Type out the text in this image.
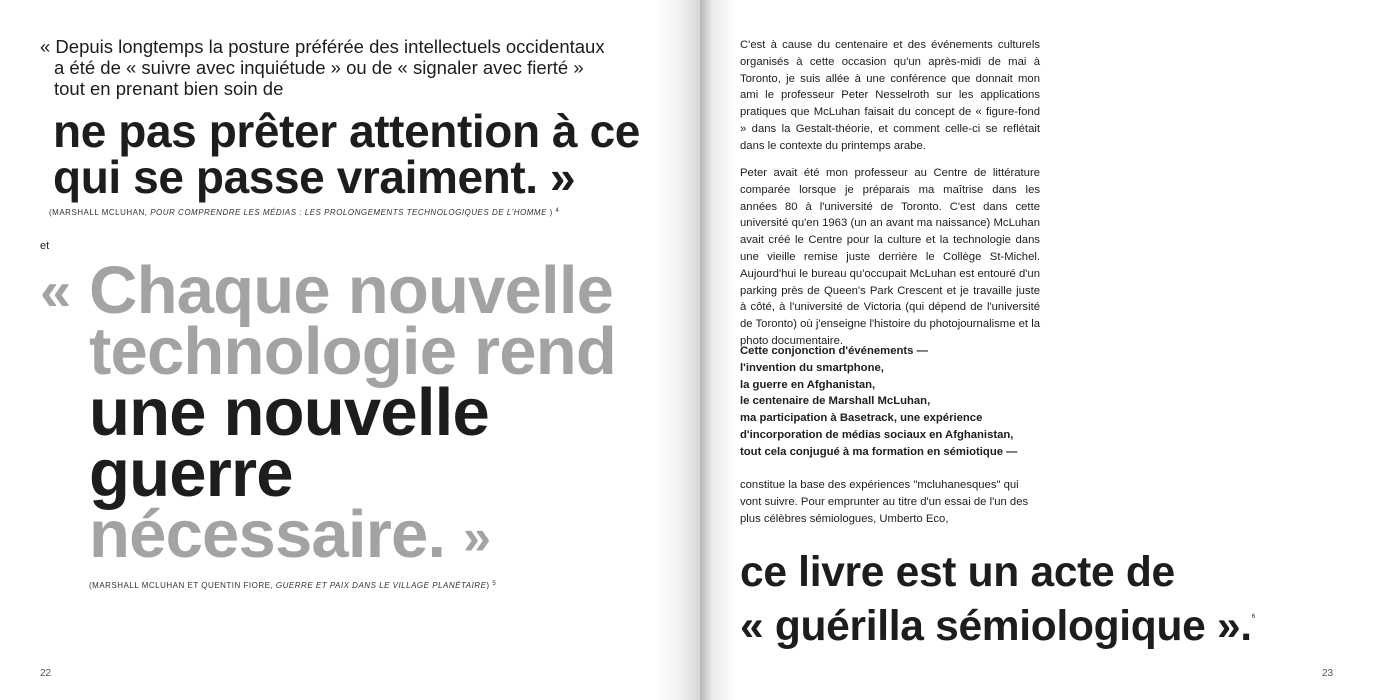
« Depuis longtemps la posture préférée des intellectuels occidentaux
a été de « suivre avec inquiétude » ou de « signaler avec fierté »
tout en prenant bien soin de

ne pas prêter attention à ce
qui se passe vraiment. »

(MARSHALL MCLUHAN, POUR COMPRENDRE LES MÉDIAS : LES PROLONGEMENTS TECHNOLOGIQUES DE L'HOMME ) $^4$

et

« Chaque nouvelle
technologie rend
une nouvelle
guerre
nécessaire. »

(MARSHALL MCLUHAN ET QUENTIN FIORE, GUERRE ET PAIX DANS LE VILLAGE PLANÉTAIRE) $^5$

22

C'est à cause du centenaire et des événements culturels organisés à cette occasion qu'un après-midi de mai à Toronto, je suis allée à une conférence que donnait mon ami le professeur Peter Nesselroth sur les applications pratiques que McLuhan faisait du concept de « figure-fond » dans la Gestalt-théorie, et comment celle-ci se reflétait dans le contexte du printemps arabe.

Peter avait été mon professeur au Centre de littérature comparée lorsque je préparais ma maîtrise dans les années 80 à l'université de Toronto. C'est dans cette université qu'en 1963 (un an avant ma naissance) McLuhan avait créé le Centre pour la culture et la technologie dans une vieille remise juste derrière le Collège St-Michel. Aujourd'hui le bureau qu'occupait McLuhan est entouré d'un parking près de Queen's Park Crescent et je travaille juste à côté, à l'université de Victoria (qui dépend de l'université de Toronto) où j'enseigne l'histoire du photojournalisme et la photo documentaire.

Cette conjonction d'événements —
l'invention du smartphone,
la guerre en Afghanistan,
le centenaire de Marshall McLuhan,
ma participation à Basetrack, une expérience
d'incorporation de médias sociaux en Afghanistan,
tout cela conjugué à ma formation en sémiotique —

constitue la base des expériences "mcluhanesques" qui vont suivre. Pour emprunter au titre d'un essai de l'un des plus célèbres sémiologues, Umberto Eco,

ce livre est un acte de
« guérilla sémiologique ».$^6$

23
